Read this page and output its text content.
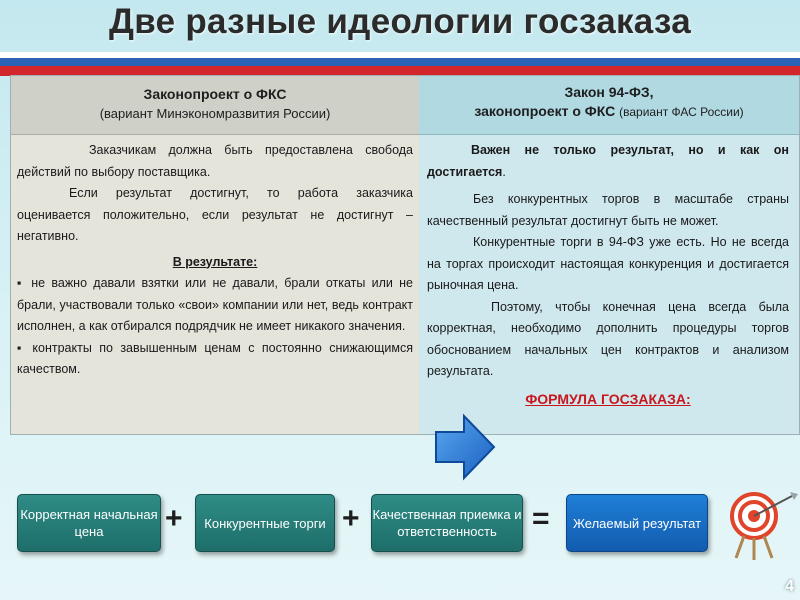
Две разные идеологии госзаказа
Законопроект о ФКС
(вариант Минэкономразвития России)

Заказчикам должна быть предоставлена свобода действий по выбору поставщика.

Если результат достигнут, то работа заказчика оценивается положительно, если результат не достигнут – негативно.

В результате:

▪ не важно давали взятки или не давали, брали откаты или не брали, участвовали только «свои» компании или нет, ведь контракт исполнен, а как отбирался подрядчик не имеет никакого значения.

▪ контракты по завышенным ценам с постоянно снижающимся качеством.

Закон 94-ФЗ,
законопроект о ФКС (вариант ФАС России)

Важен не только результат, но и как он достигается.

Без конкурентных торгов в масштабе страны качественный результат достигнут быть не может.

Конкурентные торги в 94-ФЗ уже есть. Но не всегда на торгах происходит настоящая конкуренция и достигается рыночная цена.

Поэтому, чтобы конечная цена всегда была корректная, необходимо дополнить процедуры торгов обоснованием начальных цен контрактов и анализом результата.

ФОРМУЛА ГОСЗАКАЗА:

Корректная начальная цена	+	Конкурентные торги + Качественная приемка и ответственность	=	Желаемый результат
4
